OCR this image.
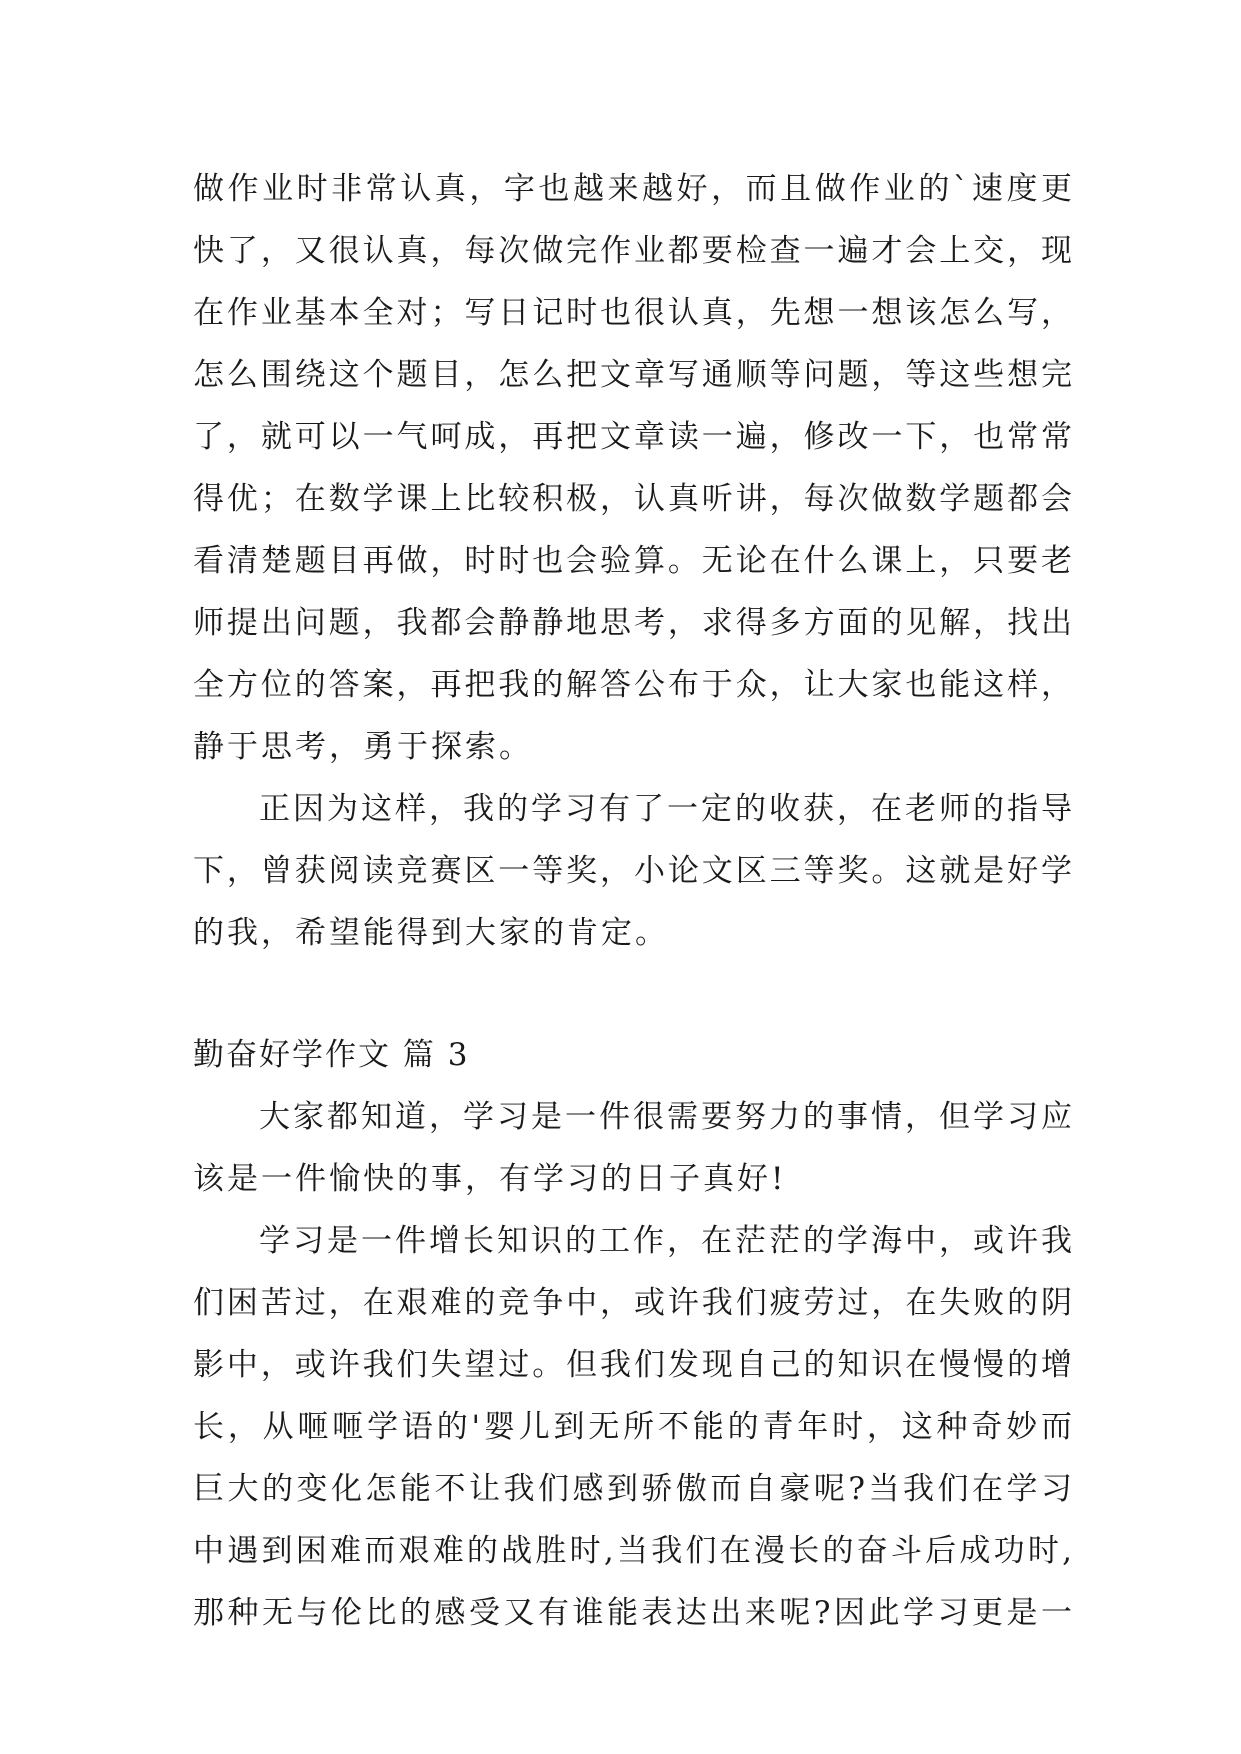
做作业时非常认真，字也越来越好，而且做作业的`速度更
快了，又很认真，每次做完作业都要检查一遍才会上交，现
在作业基本全对；写日记时也很认真，先想一想该怎么写，
怎么围绕这个题目，怎么把文章写通顺等问题，等这些想完
了，就可以一气呵成，再把文章读一遍，修改一下，也常常
得优；在数学课上比较积极，认真听讲，每次做数学题都会
看清楚题目再做，时时也会验算。无论在什么课上，只要老
师提出问题，我都会静静地思考，求得多方面的见解，找出
全方位的答案，再把我的解答公布于众，让大家也能这样，
静于思考，勇于探索。
正因为这样，我的学习有了一定的收获，在老师的指导
下，曾获阅读竞赛区一等奖，小论文区三等奖。这就是好学
的我，希望能得到大家的肯定。
勤奋好学作文 篇 3
大家都知道，学习是一件很需要努力的事情，但学习应
该是一件愉快的事，有学习的日子真好!
学习是一件增长知识的工作，在茫茫的学海中，或许我
们困苦过，在艰难的竞争中，或许我们疲劳过，在失败的阴
影中，或许我们失望过。但我们发现自己的知识在慢慢的增
长，从咂咂学语的'婴儿到无所不能的青年时，这种奇妙而
巨大的变化怎能不让我们感到骄傲而自豪呢?当我们在学习
中遇到困难而艰难的战胜时,当我们在漫长的奋斗后成功时,
那种无与伦比的感受又有谁能表达出来呢?因此学习更是一
